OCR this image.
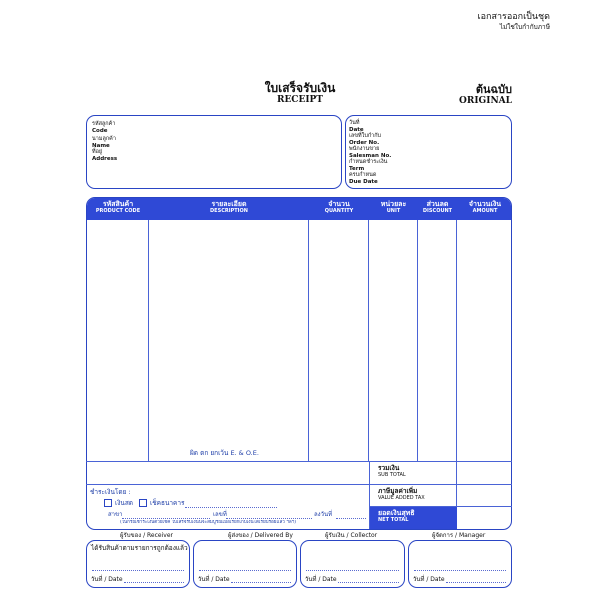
เอกสารออกเป็นชุด
ไม่ใช่ใบกำกับภาษี
ใบเสร็จรับเงิน
RECEIPT
ต้นฉบับ
ORIGINAL
รหัสลูกค้า
Code
นามลูกค้า
Name
ที่อยู่
Address
วันที่
Date
เลขที่ใบกำกับ
Order No.
พนักงานขาย
Salesman No.
กำหนดชำระเงิน
Term
ครบกำหนด
Due Date
รหัสสินค้า
PRODUCT CODE
รายละเอียด
DESCRIPTION
จำนวน
QUANTITY
หน่วยละ
UNIT
ส่วนลด
DISCOUNT
จำนวนเงิน
AMOUNT
ผิด ตก ยกเว้น E. & O.E.
รวมเงิน
SUB TOTAL
ภาษีมูลค่าเพิ่ม
VALUE ADDED TAX
ยอดเงินสุทธิ
NET TOTAL
ชำระเงินโดย :
เงินสด	เช็คธนาคาร
สาขา	เลขที่	ลงวันที่
(ในกรณีชำระเงินด้วยเช็ค ใบเสร็จรับเงินนี้จะสมบูรณ์เมื่อเรียกเก็บเงินได้เรียบร้อยแล้ว ฯลฯ)
ผู้รับของ / Receiver	ผู้ส่งของ / Delivered By	ผู้รับเงิน / Collector	ผู้จัดการ / Manager
ได้รับสินค้าตามรายการถูกต้องแล้ว
วันที่ / Date	วันที่ / Date	วันที่ / Date	วันที่ / Date
